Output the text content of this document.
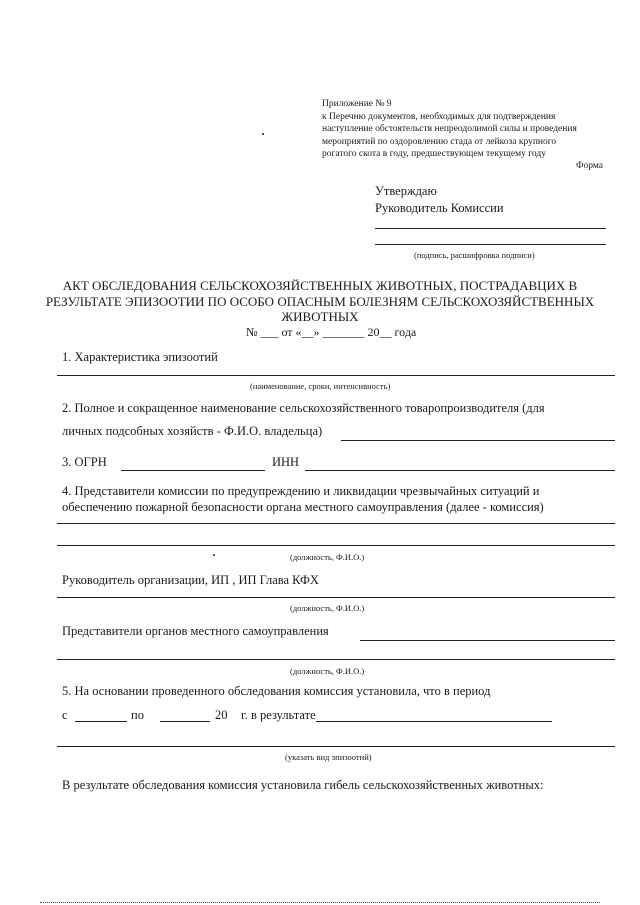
Приложение № 9
к Перечню документов, необходимых для подтверждения
наступление обстоятельств непреодолимой силы и проведения
мероприятий по оздоровлению стада от лейкоза крупного
рогатого скота в году, предшествующем текущему году
Форма
Утверждаю
Руководитель Комиссии
(подпись, расшифровка подписи)
АКТ ОБСЛЕДОВАНИЯ СЕЛЬСКОХОЗЯЙСТВЕННЫХ ЖИВОТНЫХ, ПОСТРАДАВЦИХ В
РЕЗУЛЬТАТЕ ЭПИЗООТИИ ПО ОСОБО ОПАСНЫМ БОЛЕЗНЯМ СЕЛЬСКОХОЗЯЙСТВЕННЫХ
ЖИВОТНЫХ
№ ___ от «__» _______ 20__ года
1. Характеристика эпизоотий
(наименование, сроки, интенсивность)
2. Полное и сокращенное наименование сельскохозяйственного товаропроизводителя (для
личных подсобных хозяйств - Ф.И.О. владельца)
3. ОГРН	ИНН
4. Представители комиссии по предупреждению и ликвидации чрезвычайных ситуаций и
обеспечению пожарной безопасности органа местного самоуправления (далее - комиссия)
(должность, Ф.И.О.)
Руководитель организации, ИП , ИП Глава КФХ
(должность, Ф.И.О.)
Представители органов местного самоуправления
(должность, Ф.И.О.)
5. На основании проведенного обследования комиссия установила, что в период
с	по	20 г. в результате
(указать вид эпизоотий)
В результате обследования комиссия установила гибель сельскохозяйственных животных:
